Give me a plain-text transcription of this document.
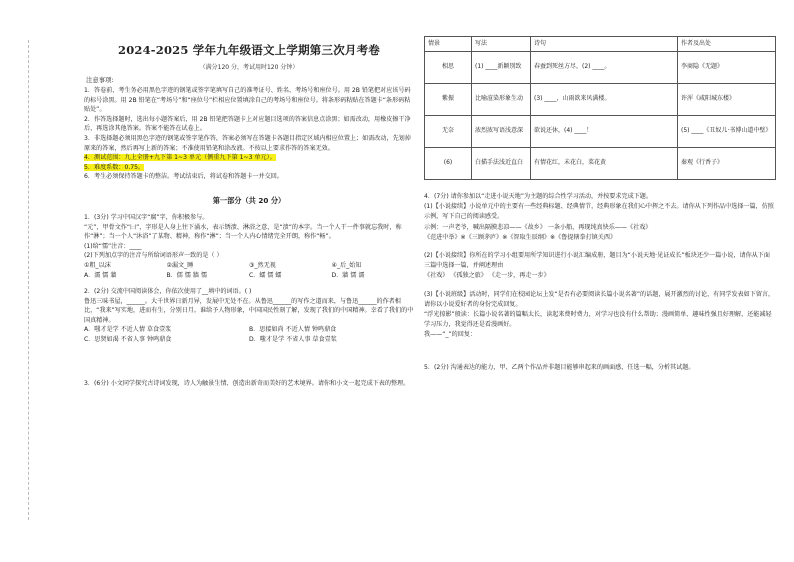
2024-2025 学年九年级语文上学期第三次月考卷
（满分120 分，考试用时120 分钟）
注意事项:

1．答卷前，考生务必用黑色字迹的钢笔或签字笔填写自己的准考证号、姓名、考场号和座位号。用 2B 铅笔把对应该号码的标号涂黑。用 2B 铅笔在“考场号”和“座位号”栏相应位置填涂自己的考场号和座位号。将条形码粘贴在答题卡“条形码粘贴处”。

2．作答选择题时，选出每小题答案后，用 2B 铅笔把答题卡上对应题目选项的答案信息点涂黑；如需改动，用橡皮擦干净后，再选涂其他答案。答案不能答在试卷上。

3．非选择题必须用黑色字迹的钢笔或签字笔作答，答案必须写在答题卡各题目指定区域内相应位置上；如需改动，先划掉原来的答案，然后再写上新的答案；不准使用铅笔和涂改液。不按以上要求作答的答案无效。

4．测试范围：九上全册+九下第 1~3 单元（侧重九下第 1~3 单元）。

5．难度系数：0.75。

6．考生必须保持答题卡的整洁。考试结束后，将试卷和答题卡一并交回。

第一部分（共 20 分）

1．(3分) 学习中国汉字“腐”字，你积极参与。

“元”，甲骨文作“𠙵”，字形是人身上往下涌水，表示锈溃、淋浴之意，是“溃”的本字。当一个人干一件事就忘我时，称作“淋”；当一个人“沐浴”了某物、精神，称作“淋”；当一个人内心情绪完全开朗，称作“畅”。

(1)给“懦”注音：____

(2)下列加点字的注音与所给词语形声一致的是（ ）

①粗_以沫	②漏文_睡	③_然无视	④_后_始知
A．濡 懦 牆	B．儒 懦 牆 懦	C．蠕 懦 蠕	D．牆 懦 濡

2．(2分) 交流中国阅读体会，你依次使用了__填中的词语。( )

鲁迅三味书屋，______。大千世界日新月异，发展中无处不在。从鲁迅______的写作之道而来，与鲁迅______的作者相比，“我来”写实地，进而有生，分别日月。谁给予人物形象，中国国民性刻了解，发现了我们的中国精神。幸看了我们的中国真精神。

A．嗤才是学 不近人情 草食壹浆	B．思接如尚 不近人情 钟鸣鼎食
C．思贤如渴 不省人事 钟鸣鼎食	D．嗤才是学 不省人事 草食壹浆

3．(6分) 小文同学探究古诗词发现，诗人为触景生情、创造出新奇而美好的艺术境界。请你和小文一起完成下表的整理。

情景	写法	诗句	作者及出处
相思	(1) ____新颖别致	春蚕到死丝方尽，(2) ____。	李商隐《无题》
紫振	比喻渲染形象生动	(3) ____，山雨欲来风满楼。	许浑《咸阳城东楼》
无奈	浓烈浓写语浅意深	欲说还休，(4) ____！	(5) ____《丑奴儿·书博山道中壁》
(6)	白描手法浅近直白	有情花红，未花白，菜花黄	秦观《行香子》

4．(7分) 请你参加以“走进小说天地”为主题的综合性学习活动，并按要求完成下题。

(1)【小说接续】小说单元中的主要有一些经典标题、经典情节，经典形象在我们心中挥之不去。请你从下列作品中选择一篇，仿照示例，写下自己的阅读感受。

示例：一声老爷，喊出隔膜悲凉——《故乡》 一条小船，再现纯真快乐——《社戏》

《范进中举》※《三顾茅庐》※《智取生辰纲》※《鲁提辖拳打镇关西》

(2)【小说接续】你所在的学习小组要用所学知识进行小说汇编成册，题目为“小说天地·见证成长”板块还少一篇小说，请你从下面三篇中选择一篇，并阐述理由

《社戏》 《孤独之旅》 《走一步，再走一步》

(3)【小说班级】活动时，同学们在校园论坛上发“是否有必要阅读长篇小说名著”的话题，展开激烈的讨论，有同学发表如下留言，请你以小说爱好者的身份完成回复。

“浮光掠影”般读：长篇小说名著的篇幅太长，读起来费时费力，对学习也没有什么帮助；漫画简单、趣味性强且好理解，还能减轻学习压力，我觉得还是看漫画好。

我——“_”的回复：

5．(2分) 沟通表达的能力，甲、乙两个作品并非题目能够串起来的画面感，任选一幅，分析其试题。
